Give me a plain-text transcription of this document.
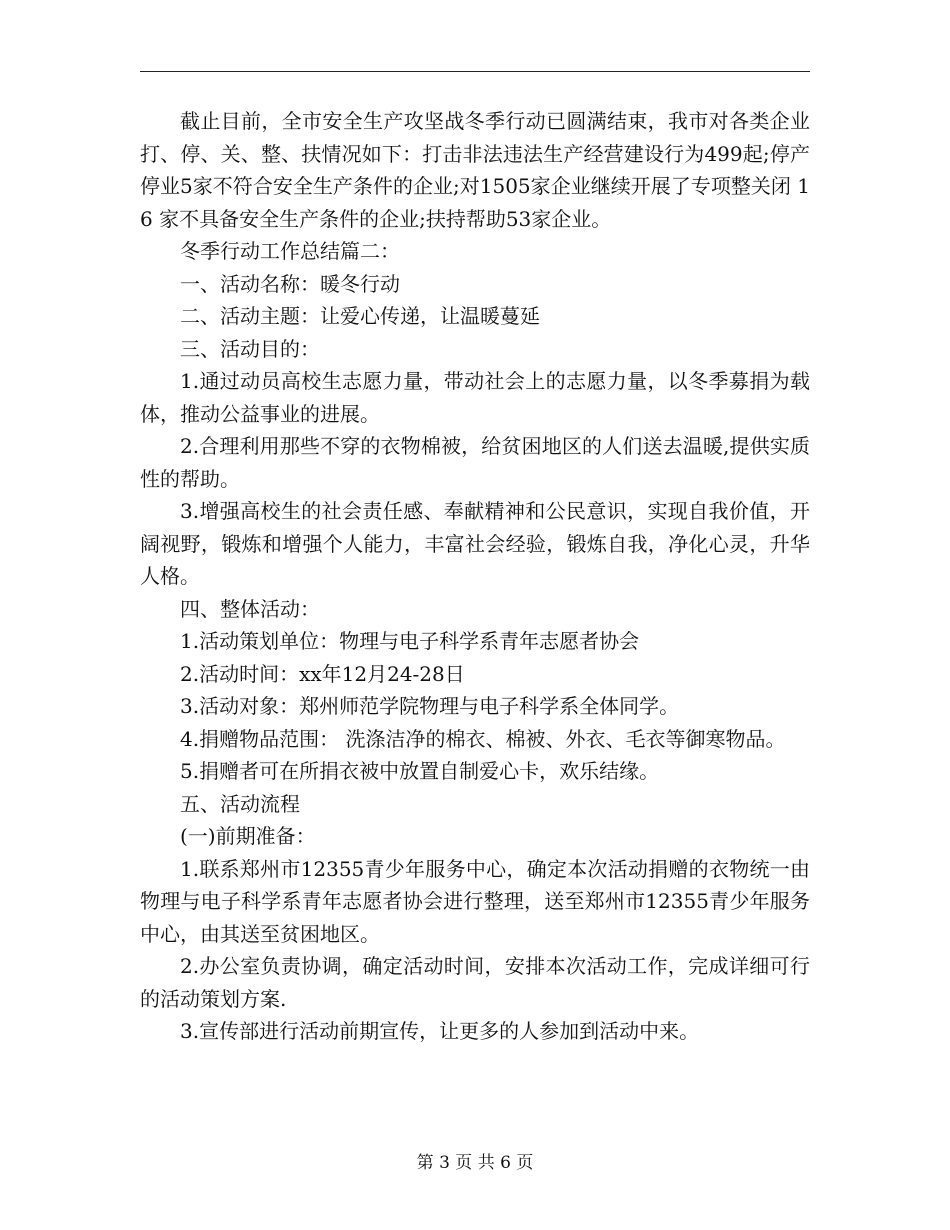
截止目前，全市安全生产攻坚战冬季行动已圆满结束，我市对各类企业打、停、关、整、扶情况如下：打击非法违法生产经营建设行为499起;停产停业5家不符合安全生产条件的企业;对1505家企业继续开展了专项整关闭 16 家不具备安全生产条件的企业;扶持帮助53家企业。

冬季行动工作总结篇二：

一、活动名称：暖冬行动

二、活动主题：让爱心传递，让温暖蔓延

三、活动目的：

1.通过动员高校生志愿力量，带动社会上的志愿力量，以冬季募捐为载体，推动公益事业的进展。

2.合理利用那些不穿的衣物棉被，给贫困地区的人们送去温暖,提供实质性的帮助。

3.增强高校生的社会责任感、奉献精神和公民意识，实现自我价值，开阔视野，锻炼和增强个人能力，丰富社会经验，锻炼自我，净化心灵，升华人格。

四、整体活动：

1.活动策划单位：物理与电子科学系青年志愿者协会

2.活动时间：xx年12月24-28日

3.活动对象：郑州师范学院物理与电子科学系全体同学。

4.捐赠物品范围： 洗涤洁净的棉衣、棉被、外衣、毛衣等御寒物品。

5.捐赠者可在所捐衣被中放置自制爱心卡，欢乐结缘。

五、活动流程

(一)前期准备：

1.联系郑州市12355青少年服务中心，确定本次活动捐赠的衣物统一由物理与电子科学系青年志愿者协会进行整理，送至郑州市12355青少年服务中心，由其送至贫困地区。

2.办公室负责协调，确定活动时间，安排本次活动工作，完成详细可行的活动策划方案.

3.宣传部进行活动前期宣传，让更多的人参加到活动中来。

第 3 页 共 6 页
